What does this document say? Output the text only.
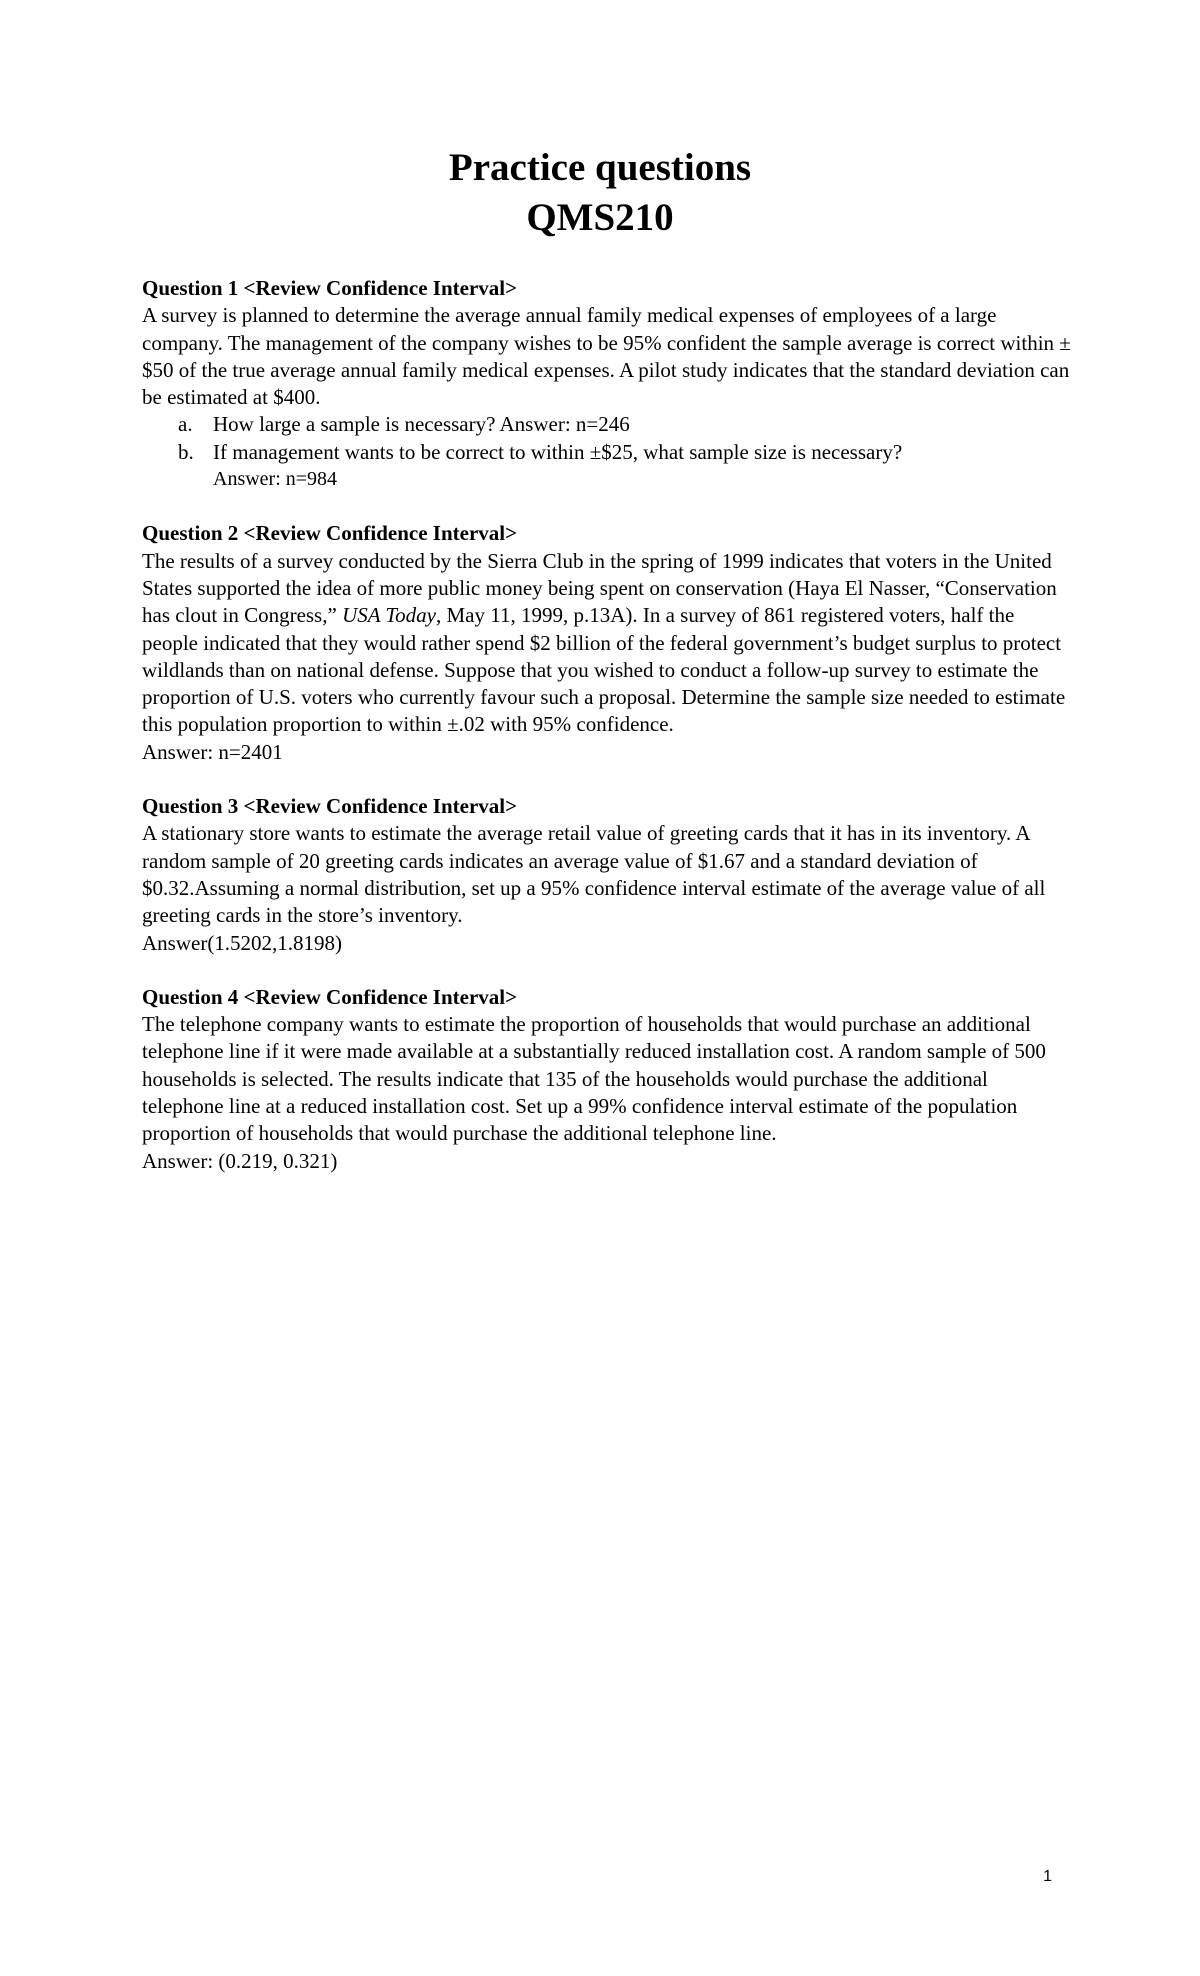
Practice questions

QMS210

Question 1 <Review Confidence Interval>

A survey is planned to determine the average annual family medical expenses of employees of a large company. The management of the company wishes to be 95% confident the sample average is correct within ±$50 of the true average annual family medical expenses. A pilot study indicates that the standard deviation can be estimated at $400.

a. How large a sample is necessary? Answer: n=246
b. If management wants to be correct to within ±$25, what sample size is necessary?

Answer: n=984

Question 2 <Review Confidence Interval>

The results of a survey conducted by the Sierra Club in the spring of 1999 indicates that voters in the United States supported the idea of more public money being spent on conservation (Haya El Nasser, “Conservation has clout in Congress,” USA Today, May 11, 1999, p.13A). In a survey of 861 registered voters, half the people indicated that they would rather spend $2 billion of the federal government’s budget surplus to protect wildlands than on national defense. Suppose that you wished to conduct a follow-up survey to estimate the proportion of U.S. voters who currently favour such a proposal. Determine the sample size needed to estimate this population proportion to within ±.02 with 95% confidence.

Answer: n=2401

Question 3 <Review Confidence Interval>

A stationary store wants to estimate the average retail value of greeting cards that it has in its inventory. A random sample of 20 greeting cards indicates an average value of $1.67 and a standard deviation of $0.32.Assuming a normal distribution, set up a 95% confidence interval estimate of the average value of all greeting cards in the store’s inventory.

Answer(1.5202,1.8198)

Question 4 <Review Confidence Interval>

The telephone company wants to estimate the proportion of households that would purchase an additional telephone line if it were made available at a substantially reduced installation cost. A random sample of 500 households is selected. The results indicate that 135 of the households would purchase the additional telephone line at a reduced installation cost. Set up a 99% confidence interval estimate of the population proportion of households that would purchase the additional telephone line.

Answer: (0.219, 0.321)

1
